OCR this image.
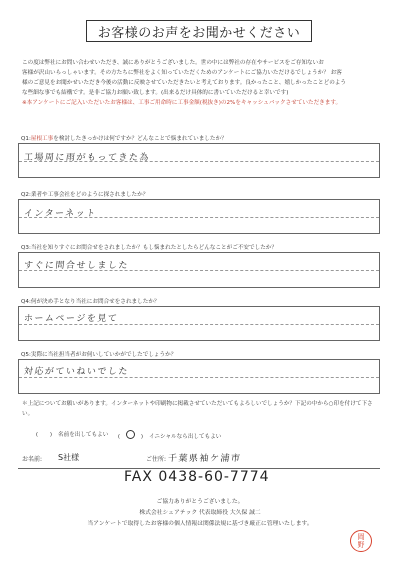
お客様のお声をお聞かせください

この度は弊社にお問い合わせいただき、誠にありがとうございました。世の中には弊社の存在やサービスをご存知ないお

客様が沢山いらっしゃいます。その方たちに弊社をよく知っていただくためのアンケートにご協力いただけるでしょうか？ お客

様のご意見をお聞かせいただき今後の活動に反映させていただきたいと考えております。良かったこと、嬉しかったことどのよう

な些細な事でも結構です。是非ご協力お願い致します。(出来るだけ具体的に書いていただけると幸いです)

※本アンケートにご記入いただいたお客様は、工事ご用命時に工事金額(税抜き)の2%をキャッシュバックさせていただきます。

Q1:屋根工事を検討したきっかけは何ですか？どんなことで悩まれていましたか？
工場周に雨がもってきた為
Q2:業者や工事会社をどのように探されましたか？
インターネット
Q3:当社を知りすぐにお問合せをされましたか？もし悩まれたとしたらどんなことがご不安でしたか？
すぐに問合せしました
Q4:何が決め手となり当社にお問合せをされましたか？
ホームページを見て
Q5:実際に当社担当者がお伺いしていかがでしたでしょうか？
対応がていねいでした
＊上記についてお願いがあります。インターネットや印刷物に掲載させていただいてもよろしいでしょうか？下記の中から○印を付けて下さい。
( ) 名前を出してもよい	(	) イニシャルなら出してもよい
お名前: S社様	ご住所: 千葉県袖ケ浦市
FAX 0438-60-7774
ご協力ありがとうございました。
株式会社シェアテック 代表取締役 大久保 誠二
当アンケートで取得したお客様の個人情報は関係法規に基づき厳正に管理いたします。
岡
野
